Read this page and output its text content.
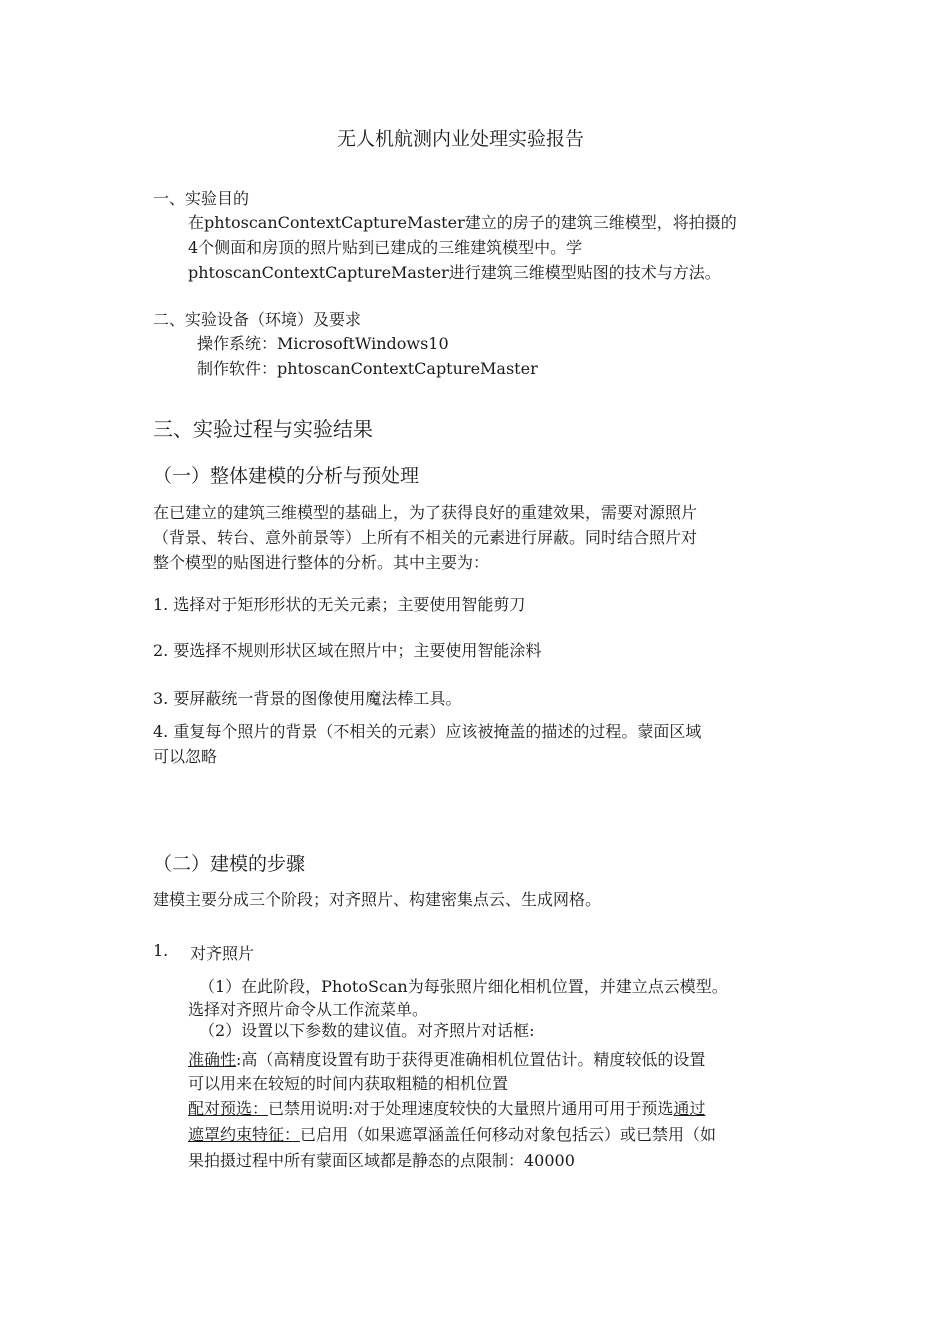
无人机航测内业处理实验报告
一、实验目的
在phtoscanContextCaptureMaster建立的房子的建筑三维模型，将拍摄的
4个侧面和房顶的照片贴到已建成的三维建筑模型中。学
phtoscanContextCaptureMaster进行建筑三维模型贴图的技术与方法。
二、实验设备（环境）及要求
操作系统：MicrosoftWindows10
制作软件：phtoscanContextCaptureMaster
三、实验过程与实验结果
（一）整体建模的分析与预处理
在已建立的建筑三维模型的基础上，为了获得良好的重建效果，需要对源照片
（背景、转台、意外前景等）上所有不相关的元素进行屏蔽。同时结合照片对
整个模型的贴图进行整体的分析。其中主要为：
1. 选择对于矩形形状的无关元素；主要使用智能剪刀
2. 要选择不规则形状区域在照片中；主要使用智能涂料
3. 要屏蔽统一背景的图像使用魔法棒工具。
4. 重复每个照片的背景（不相关的元素）应该被掩盖的描述的过程。蒙面区域
可以忽略
（二）建模的步骤
建模主要分成三个阶段；对齐照片、构建密集点云、生成网格。
1. 对齐照片
（1）在此阶段，PhotoScan为每张照片细化相机位置，并建立点云模型。
选择对齐照片命令从工作流菜单。
（2）设置以下参数的建议值。对齐照片对话框:
准确性:高（高精度设置有助于获得更准确相机位置估计。精度较低的设置
可以用来在较短的时间内获取粗糙的相机位置
配对预选：已禁用说明:对于处理速度较快的大量照片通用可用于预选通过
遮罩约束特征：已启用（如果遮罩涵盖任何移动对象包括云）或已禁用（如
果拍摄过程中所有蒙面区域都是静态的点限制：40000
